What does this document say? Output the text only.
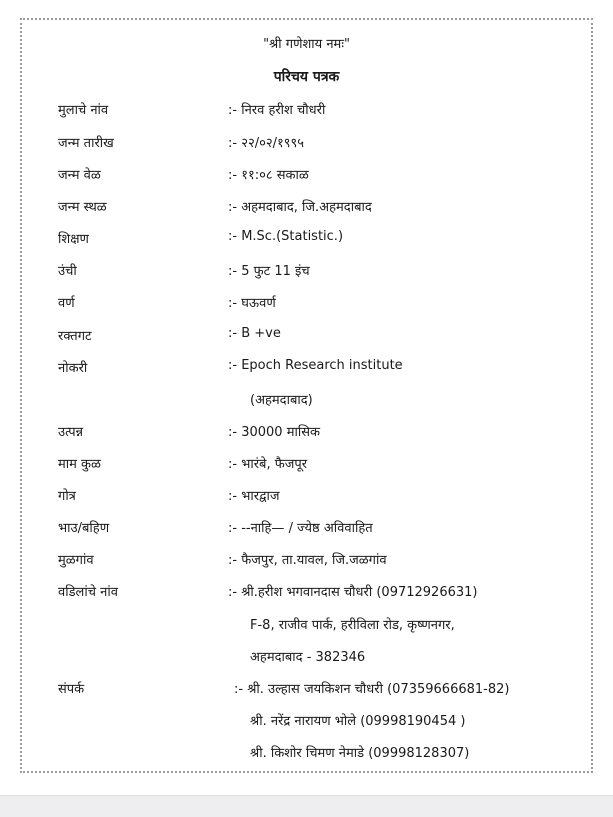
"श्री गणेशाय नमः"
परिचय पत्रक
मुलाचे नांव	:- निरव हरीश चौधरी
जन्म तारीख	:- २२/०२/१९९५
जन्म वेळ	:- ११:०८ सकाळ
जन्म स्थळ	:- अहमदाबाद, जि.अहमदाबाद
शिक्षण	:- M.Sc.(Statistic.)
उंची	:- 5 फुट 11 इंच
वर्ण	:- घऊवर्ण
रक्तगट	:- B +ve
नोकरी	:- Epoch Research institute
(अहमदाबाद)
उत्पन्न	:- 30000 मासिक
माम कुळ	:- भारंबे, फैजपूर
गोत्र	:- भारद्वाज
भाउ/बहिण	:- --नाहि— / ज्येष्ठ अविवाहित
मुळगांव	:- फैजपुर, ता.यावल, जि.जळगांव
वडिलांचे नांव	:- श्री.हरीश भगवानदास चौधरी (09712926631)
F-8, राजीव पार्क, हरीविला रोड, कृष्णनगर,
अहमदाबाद - 382346
संपर्क	:- श्री. उल्हास जयकिशन चौधरी (07359666681-82)
श्री. नरेंद्र नारायण भोले (09998190454 )
श्री. किशोर चिमण नेमाडे (09998128307)
